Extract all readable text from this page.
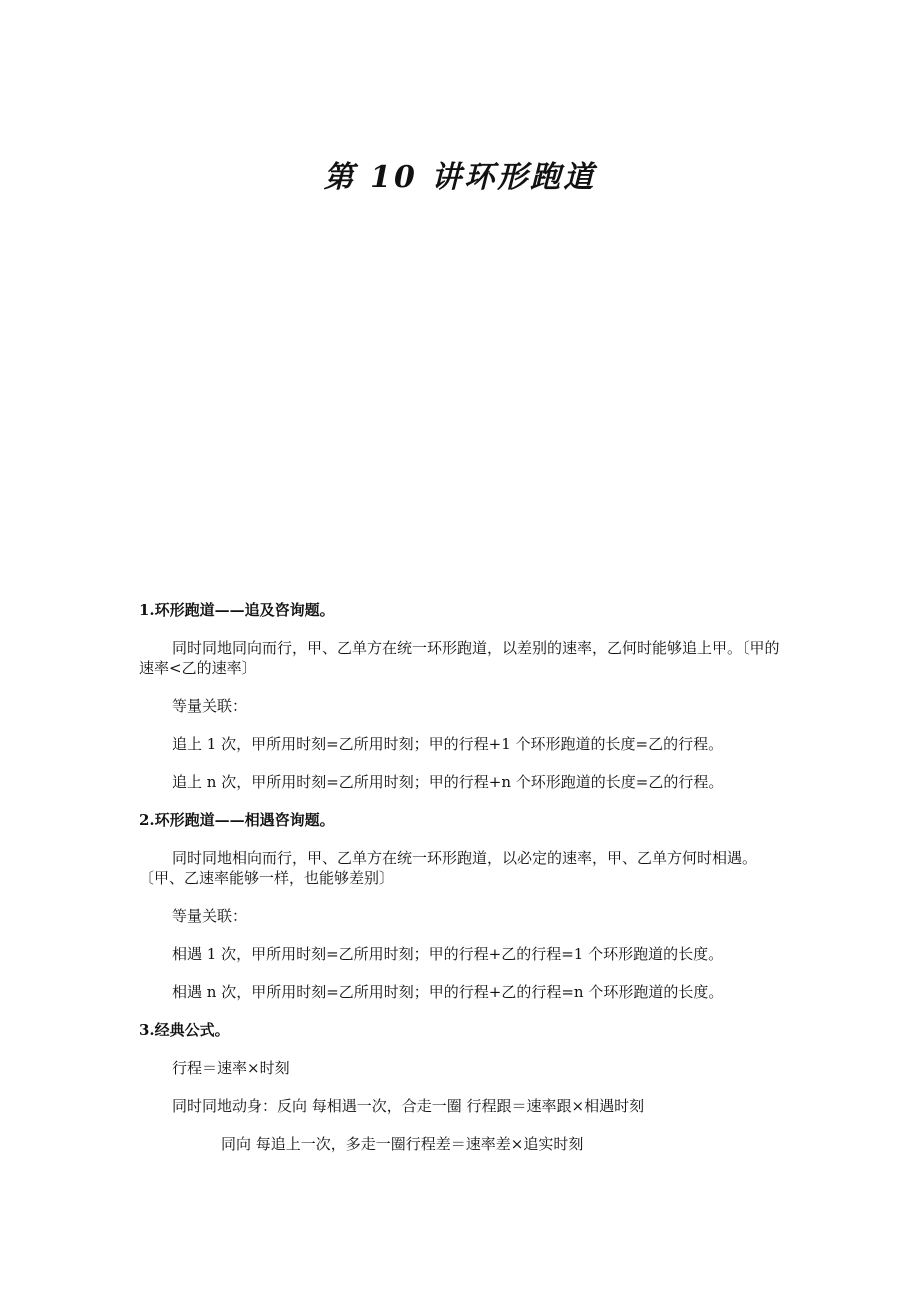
第 10 讲环形跑道

1.环形跑道——追及咨询题。

同时同地同向而行，甲、乙单方在统一环形跑道，以差别的速率，乙何时能够追上甲。〔甲的速率<乙的速率〕

等量关联：

追上 1 次，甲所用时刻=乙所用时刻；甲的行程+1 个环形跑道的长度=乙的行程。

追上 n 次，甲所用时刻=乙所用时刻；甲的行程+n 个环形跑道的长度=乙的行程。

2.环形跑道——相遇咨询题。

同时同地相向而行，甲、乙单方在统一环形跑道，以必定的速率，甲、乙单方何时相遇。〔甲、乙速率能够一样，也能够差别〕

等量关联：

相遇 1 次，甲所用时刻=乙所用时刻；甲的行程+乙的行程=1 个环形跑道的长度。

相遇 n 次，甲所用时刻=乙所用时刻；甲的行程+乙的行程=n 个环形跑道的长度。

3.经典公式。

行程＝速率×时刻

同时同地动身：反向 每相遇一次，合走一圈 行程跟＝速率跟×相遇时刻

同向 每追上一次，多走一圈行程差＝速率差×追实时刻
